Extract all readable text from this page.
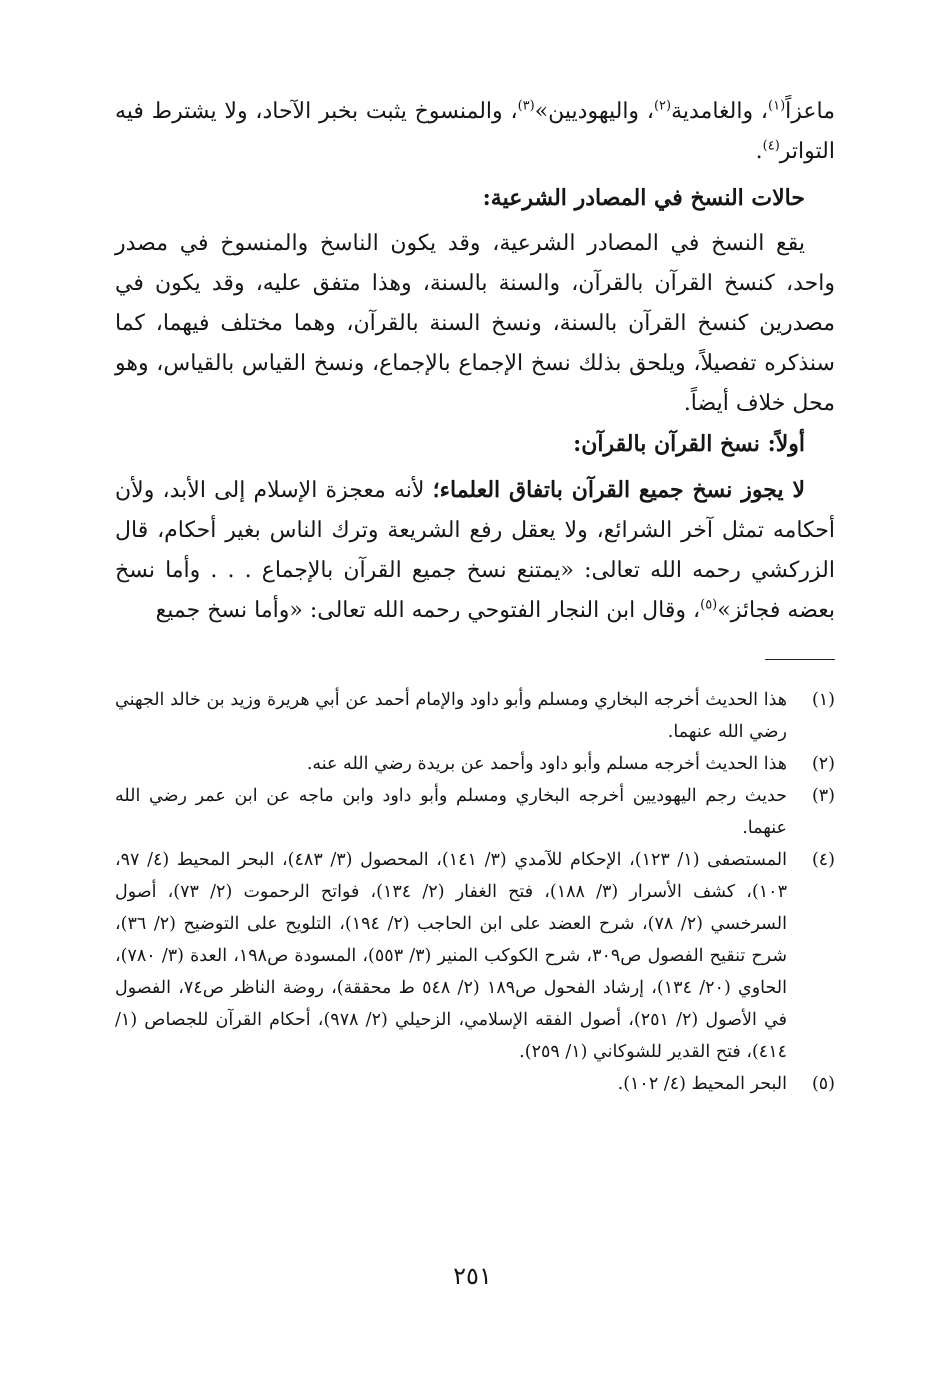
ماعزاً$^{(١)}$، والغامدية$^{(٢)}$، واليهوديين»$^{(٣)}$، والمنسوخ يثبت بخبر الآحاد، ولا يشترط فيه التواتر$^{(٤)}$.

حالات النسخ في المصادر الشرعية:

يقع النسخ في المصادر الشرعية، وقد يكون الناسخ والمنسوخ في مصدر واحد، كنسخ القرآن بالقرآن، والسنة بالسنة، وهذا متفق عليه، وقد يكون في مصدرين كنسخ القرآن بالسنة، ونسخ السنة بالقرآن، وهما مختلف فيهما، كما سنذكره تفصيلاً، ويلحق بذلك نسخ الإجماع بالإجماع، ونسخ القياس بالقياس، وهو محل خلاف أيضاً.

أولاً: نسخ القرآن بالقرآن:

لا يجوز نسخ جميع القرآن باتفاق العلماء؛ لأنه معجزة الإسلام إلى الأبد، ولأن أحكامه تمثل آخر الشرائع، ولا يعقل رفع الشريعة وترك الناس بغير أحكام، قال الزركشي رحمه الله تعالى: «يمتنع نسخ جميع القرآن بالإجماع . . . وأما نسخ بعضه فجائز»$^{(٥)}$، وقال ابن النجار الفتوحي رحمه الله تعالى: «وأما نسخ جميع

(١)
هذا الحديث أخرجه البخاري ومسلم وأبو داود والإمام أحمد عن أبي هريرة وزيد بن خالد الجهني رضي الله عنهما.
(٢)
هذا الحديث أخرجه مسلم وأبو داود وأحمد عن بريدة رضي الله عنه.
(٣)
حديث رجم اليهوديين أخرجه البخاري ومسلم وأبو داود وابن ماجه عن ابن عمر رضي الله عنهما.
(٤)
المستصفى (١/ ١٢٣)، الإحكام للآمدي (٣/ ١٤١)، المحصول (٣/ ٤٨٣)، البحر المحيط (٤/ ٩٧، ١٠٣)، كشف الأسرار (٣/ ١٨٨)، فتح الغفار (٢/ ١٣٤)، فواتح الرحموت (٢/ ٧٣)، أصول السرخسي (٢/ ٧٨)، شرح العضد على ابن الحاجب (٢/ ١٩٤)، التلويح على التوضيح (٢/ ٣٦)، شرح تنقيح الفصول ص٣٠٩، شرح الكوكب المنير (٣/ ٥٥٣)، المسودة ص١٩٨، العدة (٣/ ٧٨٠)، الحاوي (٢٠/ ١٣٤)، إرشاد الفحول ص١٨٩ (٢/ ٥٤٨ ط محققة)، روضة الناظر ص٧٤، الفصول في الأصول (٢/ ٢٥١)، أصول الفقه الإسلامي، الزحيلي (٢/ ٩٧٨)، أحكام القرآن للجصاص (١/ ٤١٤)، فتح القدير للشوكاني (١/ ٢٥٩).
(٥)
البحر المحيط (٤/ ١٠٢).
٢٥١
